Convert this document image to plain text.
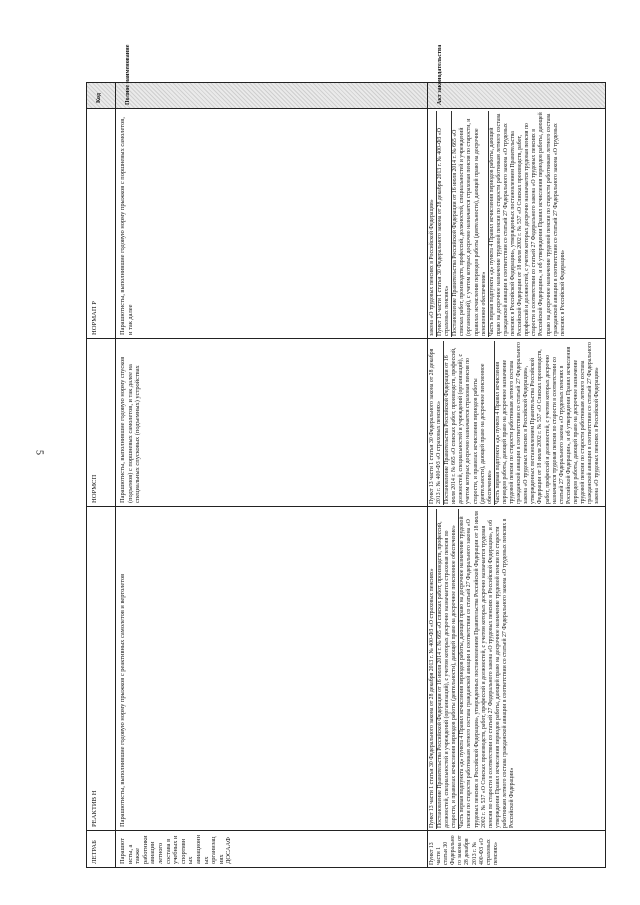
5
Код	Полное наименование	Акт законодательства
НОРМАП Р	Парашютисты, выполнившие годовую норму прыжков с поршневых самолетов, и так далее	закона «О трудовых пенсиях в Российской Федерации» Пункт 13 части 1 статьи 30 Федерального закона от 28 декабря 2013 г. № 400-ФЗ «О страховых пенсиях» Постановление Правительства Российской Федерации от 16 июля 2014 г. № 665 «О списках работ, производств, профессий, должностей, специальностей и учреждений (организаций), с учетом которых досрочно назначается страховая пенсия по старости, и правилах исчисления периодов работы (деятельности), дающей право на досрочное пенсионное обеспечение» Часть первая подпункта «д» пункта 4 Правил исчисления периодов работы, дающей право на досрочное назначение трудовой пенсии по старости работникам летного состава гражданской авиации в соответствии со статьей 27 Федерального закона «О трудовых пенсиях в Российской Федерации», утвержденных постановлением Правительства Российской Федерации от 18 июля 2002 г. № 537 «О Списках производств, работ, профессий и должностей, с учетом которых досрочно назначается трудовая пенсия по старости в соответствии со статьей 27 Федерального закона «О трудовых пенсиях в Российской Федерации», и об утверждении Правил исчисления периодов работы, дающей право на досрочное назначение трудовой пенсии по старости работникам летного состава гражданской авиации в соответствии со статьей 27 Федерального закона «О трудовых пенсиях в Российской Федерации»
НОРМСП	Парашютисты, выполнившие годовую норму спусков (подъемов) с поршневых самолетов, и так далее на специальных спусковых (подъемных) устройствах	Пункт 13 части 1 статьи 30 Федерального закона от 28 декабря 2013 г. № 400-ФЗ «О страховых пенсиях» Постановление Правительства Российской Федерации от 16 июля 2014 г. № 665 «О списках работ, производств, профессий, должностей, специальностей и учреждений (организаций), с учетом которых досрочно назначается страховая пенсия по старости, и правилах исчисления периодов работы (деятельности), дающей право на досрочное пенсионное обеспечение» Часть первая подпункта «д» пункта 4 Правил исчисления периодов работы, дающей право на досрочное назначение трудовой пенсии по старости работникам летного состава гражданской авиации в соответствии со статьей 27 Федерального закона «О трудовых пенсиях в Российской Федерации», утвержденных постановлением Правительства Российской Федерации от 18 июля 2002 г. № 537 «О Списках производств, работ, профессий и должностей, с учетом которых досрочно назначается трудовая пенсия по старости в соответствии со статьей 27 Федерального закона «О трудовых пенсиях в Российской Федерации», и об утверждении Правил исчисления периодов работы, дающей право на досрочное назначение трудовой пенсии по старости работникам летного состава гражданской авиации в соответствии со статьей 27 Федерального закона «О трудовых пенсиях в Российской Федерации»
РЕАКТИВ Н	Парашютисты, выполнившие годовую норму прыжков с реактивных самолетов и вертолетов	Пункт 13 части 1 статьи 30 Федерального закона от 28 декабря 2013 г. № 400-ФЗ «О страховых пенсиях» Постановление Правительства Российской Федерации от 16 июля 2014 г. № 665 «О списках работ, производств, профессий, должностей, специальностей и учреждений (организаций), с учетом которых досрочно назначается страховая пенсия по старости, и правилах исчисления периодов работы (деятельности), дающей право на досрочное пенсионное обеспечение» Часть первая подпункта «д» пункта 4 Правил исчисления периодов работы, дающей право на досрочное назначение трудовой пенсии по старости работникам летного состава гражданской авиации в соответствии со статьей 27 Федерального закона «О трудовых пенсиях в Российской Федерации», утвержденных постановлением Правительства Российской Федерации от 18 июля 2002 г. № 537 «О Списках производств, работ, профессий и должностей, с учетом которых досрочно назначается трудовая пенсия по старости в соответствии со статьей 27 Федерального закона «О трудовых пенсиях в Российской Федерации», и об утверждении Правил исчисления периодов работы, дающей право на досрочное назначение трудовой пенсии по старости работникам летного состава гражданской авиации в соответствии со статьей 27 Федерального закона «О трудовых пенсиях в Российской Федерации»
ЛЕТРАБ	Парашютисты, а также работники авиации летного состава в учебных и спортивных авиационных организациях ДОСААФ	Пункт 13 части 1 статьи 30 Федерального закона от 28 декабря 2013 г. № 400-ФЗ «О страховых пенсиях»
